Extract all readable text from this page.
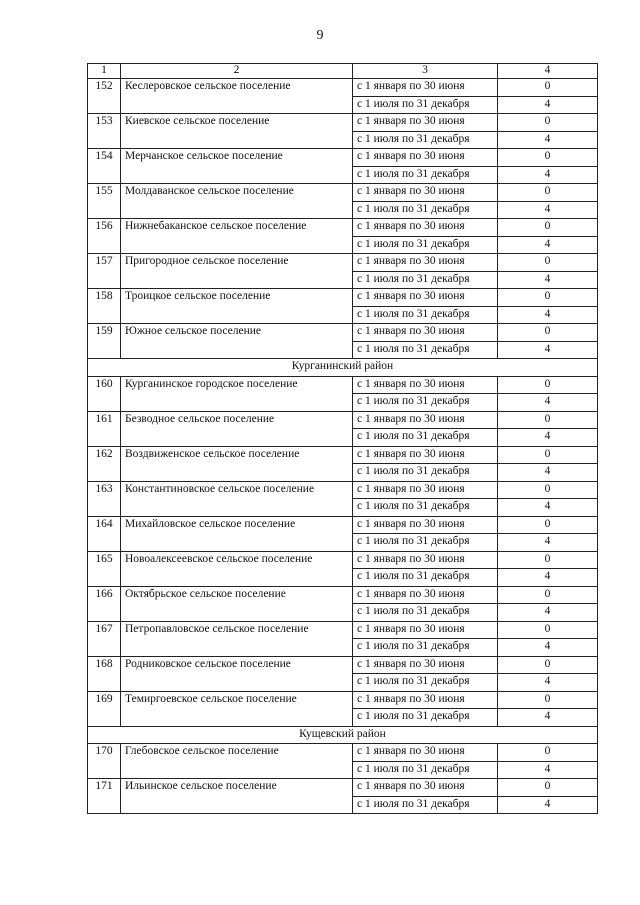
9
1	2	3	4
152	Кеслеровское сельское поселение	с 1 января по 30 июня	0
		с 1 июля по 31 декабря	4
153	Киевское сельское поселение	с 1 января по 30 июня	0
		с 1 июля по 31 декабря	4
154	Мерчанское сельское поселение	с 1 января по 30 июня	0
		с 1 июля по 31 декабря	4
155	Молдаванское сельское поселение	с 1 января по 30 июня	0
		с 1 июля по 31 декабря	4
156	Нижнебаканское сельское поселение	с 1 января по 30 июня	0
		с 1 июля по 31 декабря	4
157	Пригородное сельское поселение	с 1 января по 30 июня	0
		с 1 июля по 31 декабря	4
158	Троицкое сельское поселение	с 1 января по 30 июня	0
		с 1 июля по 31 декабря	4
159	Южное сельское поселение	с 1 января по 30 июня	0
		с 1 июля по 31 декабря	4
Курганинский район			
160	Курганинское городское поселение	с 1 января по 30 июня	0
		с 1 июля по 31 декабря	4
161	Безводное сельское поселение	с 1 января по 30 июня	0
		с 1 июля по 31 декабря	4
162	Воздвиженское сельское поселение	с 1 января по 30 июня	0
		с 1 июля по 31 декабря	4
163	Константиновское сельское поселение	с 1 января по 30 июня	0
		с 1 июля по 31 декабря	4
164	Михайловское сельское поселение	с 1 января по 30 июня	0
		с 1 июля по 31 декабря	4
165	Новоалексеевское сельское поселение	с 1 января по 30 июня	0
		с 1 июля по 31 декабря	4
166	Октябрьское сельское поселение	с 1 января по 30 июня	0
		с 1 июля по 31 декабря	4
167	Петропавловское сельское поселение	с 1 января по 30 июня	0
		с 1 июля по 31 декабря	4
168	Родниковское сельское поселение	с 1 января по 30 июня	0
		с 1 июля по 31 декабря	4
169	Темиргоевское сельское поселение	с 1 января по 30 июня	0
		с 1 июля по 31 декабря	4
Кущевский район			
170	Глебовское сельское поселение	с 1 января по 30 июня	0
		с 1 июля по 31 декабря	4
171	Ильинское сельское поселение	с 1 января по 30 июня	0
		с 1 июля по 31 декабря	4
